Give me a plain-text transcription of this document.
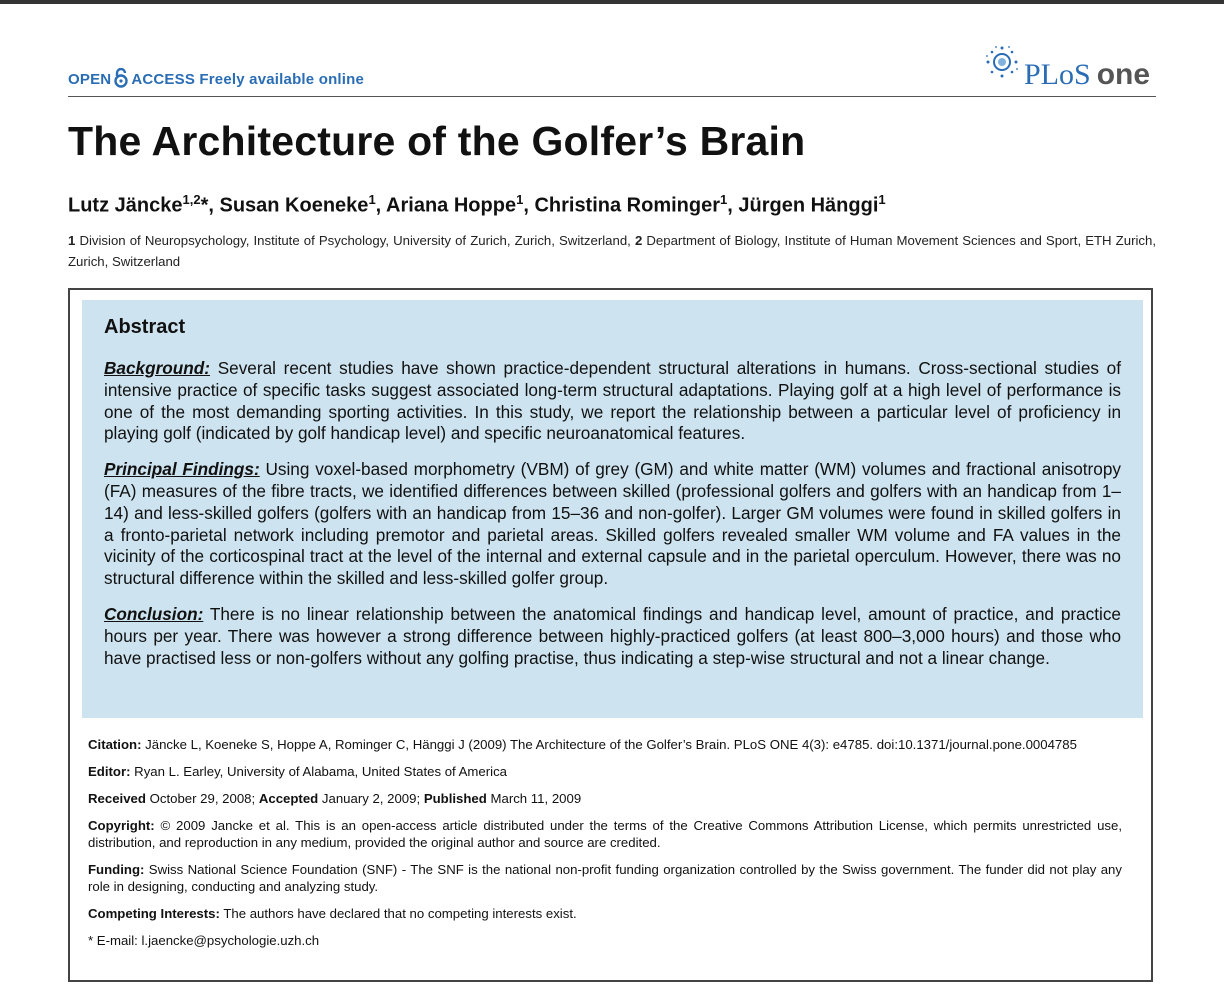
OPEN ACCESS Freely available online	PLoS one
The Architecture of the Golfer’s Brain
Lutz Jäncke$^{1,2}$*, Susan Koeneke$^1$, Ariana Hoppe$^1$, Christina Rominger$^1$, Jürgen Hänggi$^1$
1 Division of Neuropsychology, Institute of Psychology, University of Zurich, Zurich, Switzerland, 2 Department of Biology, Institute of Human Movement Sciences and Sport, ETH Zurich, Zurich, Switzerland
Abstract

Background: Several recent studies have shown practice-dependent structural alterations in humans. Cross-sectional studies of intensive practice of specific tasks suggest associated long-term structural adaptations. Playing golf at a high level of performance is one of the most demanding sporting activities. In this study, we report the relationship between a particular level of proficiency in playing golf (indicated by golf handicap level) and specific neuroanatomical features.

Principal Findings: Using voxel-based morphometry (VBM) of grey (GM) and white matter (WM) volumes and fractional anisotropy (FA) measures of the fibre tracts, we identified differences between skilled (professional golfers and golfers with an handicap from 1–14) and less-skilled golfers (golfers with an handicap from 15–36 and non-golfer). Larger GM volumes were found in skilled golfers in a fronto-parietal network including premotor and parietal areas. Skilled golfers revealed smaller WM volume and FA values in the vicinity of the corticospinal tract at the level of the internal and external capsule and in the parietal operculum. However, there was no structural difference within the skilled and less-skilled golfer group.

Conclusion: There is no linear relationship between the anatomical findings and handicap level, amount of practice, and practice hours per year. There was however a strong difference between highly-practiced golfers (at least 800–3,000 hours) and those who have practised less or non-golfers without any golfing practise, thus indicating a step-wise structural and not a linear change.

Citation: Jäncke L, Koeneke S, Hoppe A, Rominger C, Hänggi J (2009) The Architecture of the Golfer’s Brain. PLoS ONE 4(3): e4785. doi:10.1371/journal.pone.0004785

Editor: Ryan L. Earley, University of Alabama, United States of America

Received October 29, 2008; Accepted January 2, 2009; Published March 11, 2009

Copyright: © 2009 Jancke et al. This is an open-access article distributed under the terms of the Creative Commons Attribution License, which permits unrestricted use, distribution, and reproduction in any medium, provided the original author and source are credited.

Funding: Swiss National Science Foundation (SNF) - The SNF is the national non-profit funding organization controlled by the Swiss government. The funder did not play any role in designing, conducting and analyzing study.

Competing Interests: The authors have declared that no competing interests exist.

* E-mail: l.jaencke@psychologie.uzh.ch
